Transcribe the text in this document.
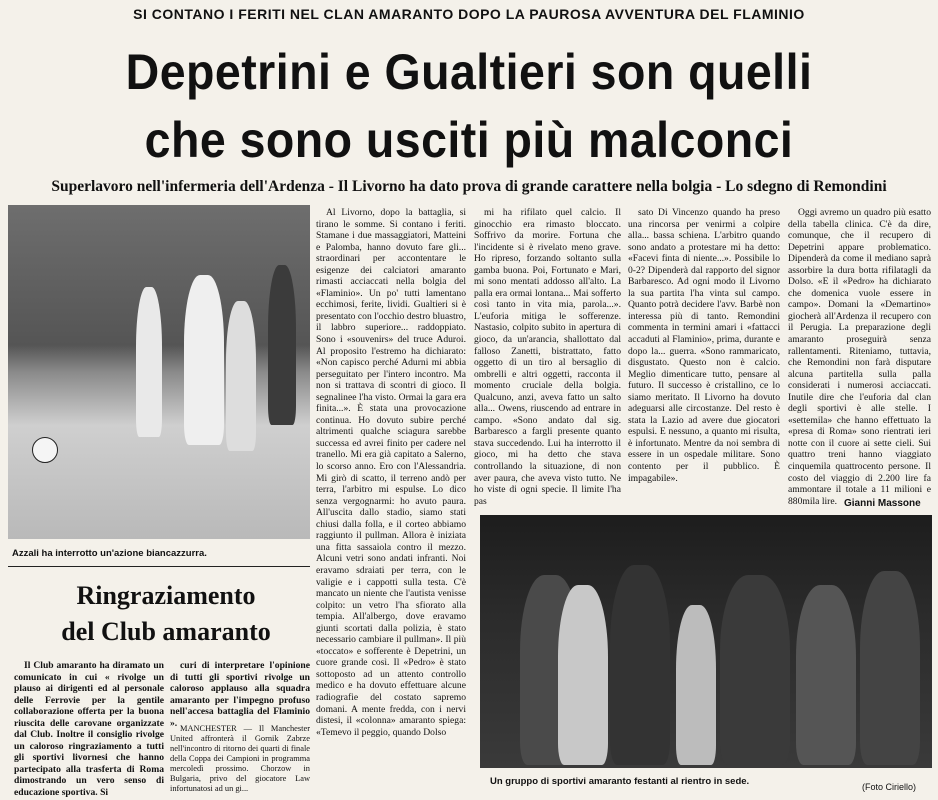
SI CONTANO I FERITI NEL CLAN AMARANTO DOPO LA PAUROSA AVVENTURA DEL FLAMINIO
Depetrini e Gualtieri son quelli
che sono usciti più malconci
Superlavoro nell'infermeria dell'Ardenza - Il Livorno ha dato prova di grande carattere nella bolgia - Lo sdegno di Remondini
Azzali ha interrotto un'azione biancazzurra.
Un gruppo di sportivi amaranto festanti al rientro in sede.	(Foto Ciriello)

Al Livorno, dopo la battaglia, si tirano le somme. Si contano i feriti. Stamane i due massaggiatori, Matteini e Palomba, hanno dovuto fare gli... straordinari per accontentare le esigenze dei calciatori amaranto rimasti acciaccati nella bolgia del «Flaminio». Un po' tutti lamentano ecchimosi, ferite, lividi. Gualtieri si è presentato con l'occhio destro bluastro, il labbro superiore... raddoppiato. Sono i «souvenirs» del truce Aduroi. Al proposito l'estremo ha dichiarato: «Non capisco perché Adurni mi abbia perseguitato per l'intero incontro. Ma non si trattava di scontri di gioco. Il segnalinee l'ha visto. Ormai la gara era finita...». È stata una provocazione continua. Ho dovuto subire perché altrimenti qualche sciagura sarebbe successa ed avrei finito per cadere nel tranello. Mi era già capitato a Salerno, lo scorso anno. Ero con l'Alessandria. Mi girò di scatto, il terreno andò per terra, l'arbitro mi espulse. Lo dico senza vergognarmi: ho avuto paura. All'uscita dallo stadio, siamo stati chiusi dalla folla, e il corteo abbiamo raggiunto il pullman. Allora è iniziata una fitta sassaiola contro il mezzo. Alcuni vetri sono andati infranti. Noi eravamo sdraiati per terra, con le valigie e i cappotti sulla testa. C'è mancato un niente che l'autista venisse colpito: un vetro l'ha sfiorato alla tempia. All'albergo, dove eravamo giunti scortati dalla polizia, è stato necessario cambiare il pullman». Il più «toccato» e sofferente è Depetrini, un cuore grande così. Il «Pedro» è stato sottoposto ad un attento controllo medico e ha dovuto effettuare alcune radiografie del costato sapremo domani. A mente fredda, con i nervi distesi, il «colonna» amaranto spiega: «Temevo il peggio, quando Dolso

mi ha rifilato quel calcio. Il ginocchio era rimasto bloccato. Soffrivo da morire. Fortuna che l'incidente si è rivelato meno grave. Ho ripreso, forzando soltanto sulla gamba buona. Poi, Fortunato e Mari, mi sono mentati addosso all'alto. La palla era ormai lontana... Mai sofferto così tanto in vita mia, parola...». L'euforia mitiga le sofferenze. Nastasio, colpito subito in apertura di gioco, da un'arancia, shallottato dal falloso Zanetti, bistrattato, fatto oggetto di un tiro al bersaglio di ombrelli e altri oggetti, racconta il momento cruciale della bolgia. Qualcuno, anzi, aveva fatto un salto alla... Owens, riuscendo ad entrare in campo. «Sono andato dal sig. Barbaresco a fargli presente quanto stava succedendo. Lui ha interrotto il gioco, mi ha detto che stava controllando la situazione, di non aver paura, che aveva visto tutto. Ne ho viste di ogni specie. Il limite l'ha pas

sato Di Vincenzo quando ha preso una rincorsa per venirmi a colpire alla... bassa schiena. L'arbitro quando sono andato a protestare mi ha detto: «Facevi finta di niente...». Possibile lo 0-2? Dipenderà dal rapporto del signor Barbaresco. Ad ogni modo il Livorno la sua partita l'ha vinta sul campo. Quanto potrà decidere l'avv. Barbè non interessa più di tanto. Remondini commenta in termini amari i «fattacci accaduti al Flaminio», prima, durante e dopo la... guerra. «Sono rammaricato, disgustato. Questo non è calcio. Meglio dimenticare tutto, pensare al futuro. Il successo è cristallino, ce lo siamo meritato. Il Livorno ha dovuto adeguarsi alle circostanze. Del resto è stata la Lazio ad avere due giocatori espulsi. E nessuno, a quanto mi risulta, è infortunato. Mentre da noi sembra di essere in un ospedale militare. Sono contento per il pubblico. È impagabile».

Oggi avremo un quadro più esatto della tabella clinica. C'è da dire, comunque, che il recupero di Depetrini appare problematico. Dipenderà da come il mediano saprà assorbire la dura botta rifilatagli da Dolso. «E il «Pedro» ha dichiarato che domenica vuole essere in campo». Domani la «Demartino» giocherà all'Ardenza il recupero con il Perugia. La preparazione degli amaranto proseguirà senza rallentamenti. Riteniamo, tuttavia, che Remondini non farà disputare alcuna partitella sulla palla considerati i numerosi acciaccati. Inutile dire che l'euforia dal clan degli sportivi è alle stelle. I «settemila» che hanno effettuato la «presa di Roma» sono rientrati ieri notte con il cuore ai sette cieli. Sui quattro treni hanno viaggiato cinquemila quattrocento persone. Il costo del viaggio di 2.200 lire fa ammontare il totale a 11 milioni e 880mila lire. Gianni Massone
Ringraziamento
del Club amaranto

Il Club amaranto ha diramato un comunicato in cui « rivolge un plauso ai dirigenti ed al personale delle Ferrovie per la gentile collaborazione offerta per la buona riuscita delle carovane organizzate dal Club. Inoltre il consiglio rivolge un caloroso ringraziamento a tutti gli sportivi livornesi che hanno partecipato alla trasferta di Roma dimostrando un vero senso di educazione sportiva. Si

curi di interpretare l'opinione di tutti gli sportivi rivolge un caloroso applauso alla squadra amaranto per l'impegno profuso nell'accesa battaglia del Flaminio ». MANCHESTER — Il Manchester United affronterà il Gornik Zabrze nell'incontro di ritorno dei quarti di finale della Coppa dei Campioni in programma mercoledì prossimo. Chorzow in Bulgaria, privo del giocatore Law infortunatosi ad un gi...
